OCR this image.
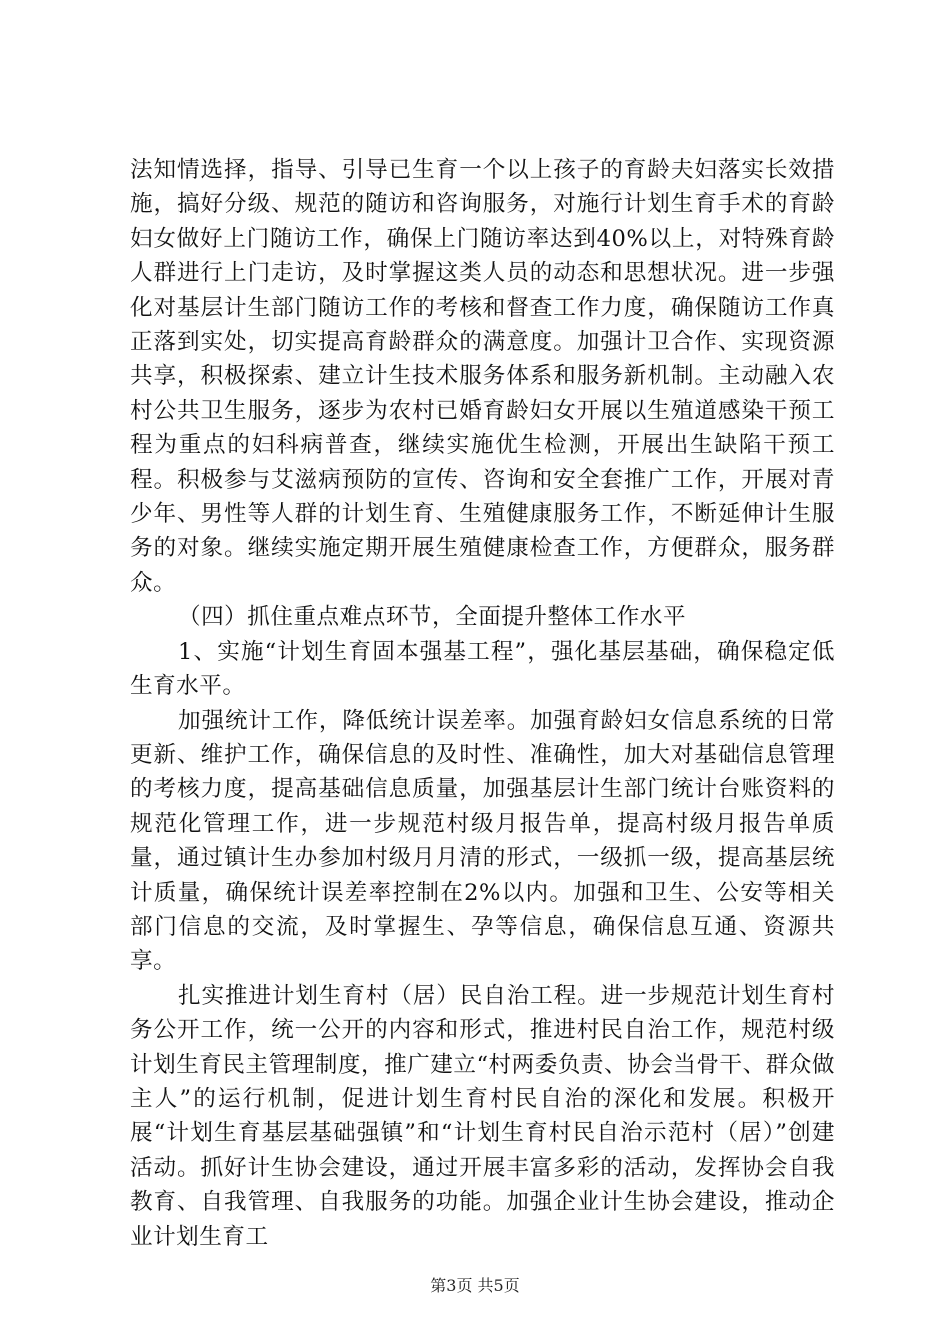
法知情选择，指导、引导已生育一个以上孩子的育龄夫妇落实长效措施，搞好分级、规范的随访和咨询服务，对施行计划生育手术的育龄妇女做好上门随访工作，确保上门随访率达到40%以上，对特殊育龄人群进行上门走访，及时掌握这类人员的动态和思想状况。进一步强化对基层计生部门随访工作的考核和督查工作力度，确保随访工作真正落到实处，切实提高育龄群众的满意度。加强计卫合作、实现资源共享，积极探索、建立计生技术服务体系和服务新机制。主动融入农村公共卫生服务，逐步为农村已婚育龄妇女开展以生殖道感染干预工程为重点的妇科病普查，继续实施优生检测，开展出生缺陷干预工程。积极参与艾滋病预防的宣传、咨询和安全套推广工作，开展对青少年、男性等人群的计划生育、生殖健康服务工作，不断延伸计生服务的对象。继续实施定期开展生殖健康检查工作，方便群众，服务群众。

（四）抓住重点难点环节，全面提升整体工作水平

1、实施“计划生育固本强基工程”，强化基层基础，确保稳定低生育水平。

加强统计工作，降低统计误差率。加强育龄妇女信息系统的日常更新、维护工作，确保信息的及时性、准确性，加大对基础信息管理的考核力度，提高基础信息质量，加强基层计生部门统计台账资料的规范化管理工作，进一步规范村级月报告单，提高村级月报告单质量，通过镇计生办参加村级月月清的形式，一级抓一级，提高基层统计质量，确保统计误差率控制在2%以内。加强和卫生、公安等相关部门信息的交流，及时掌握生、孕等信息，确保信息互通、资源共享。

扎实推进计划生育村（居）民自治工程。进一步规范计划生育村务公开工作，统一公开的内容和形式，推进村民自治工作，规范村级计划生育民主管理制度，推广建立“村两委负责、协会当骨干、群众做主人”的运行机制，促进计划生育村民自治的深化和发展。积极开展“计划生育基层基础强镇”和“计划生育村民自治示范村（居）”创建活动。抓好计生协会建设，通过开展丰富多彩的活动，发挥协会自我教育、自我管理、自我服务的功能。加强企业计生协会建设，推动企业计划生育工

第3页 共5页
